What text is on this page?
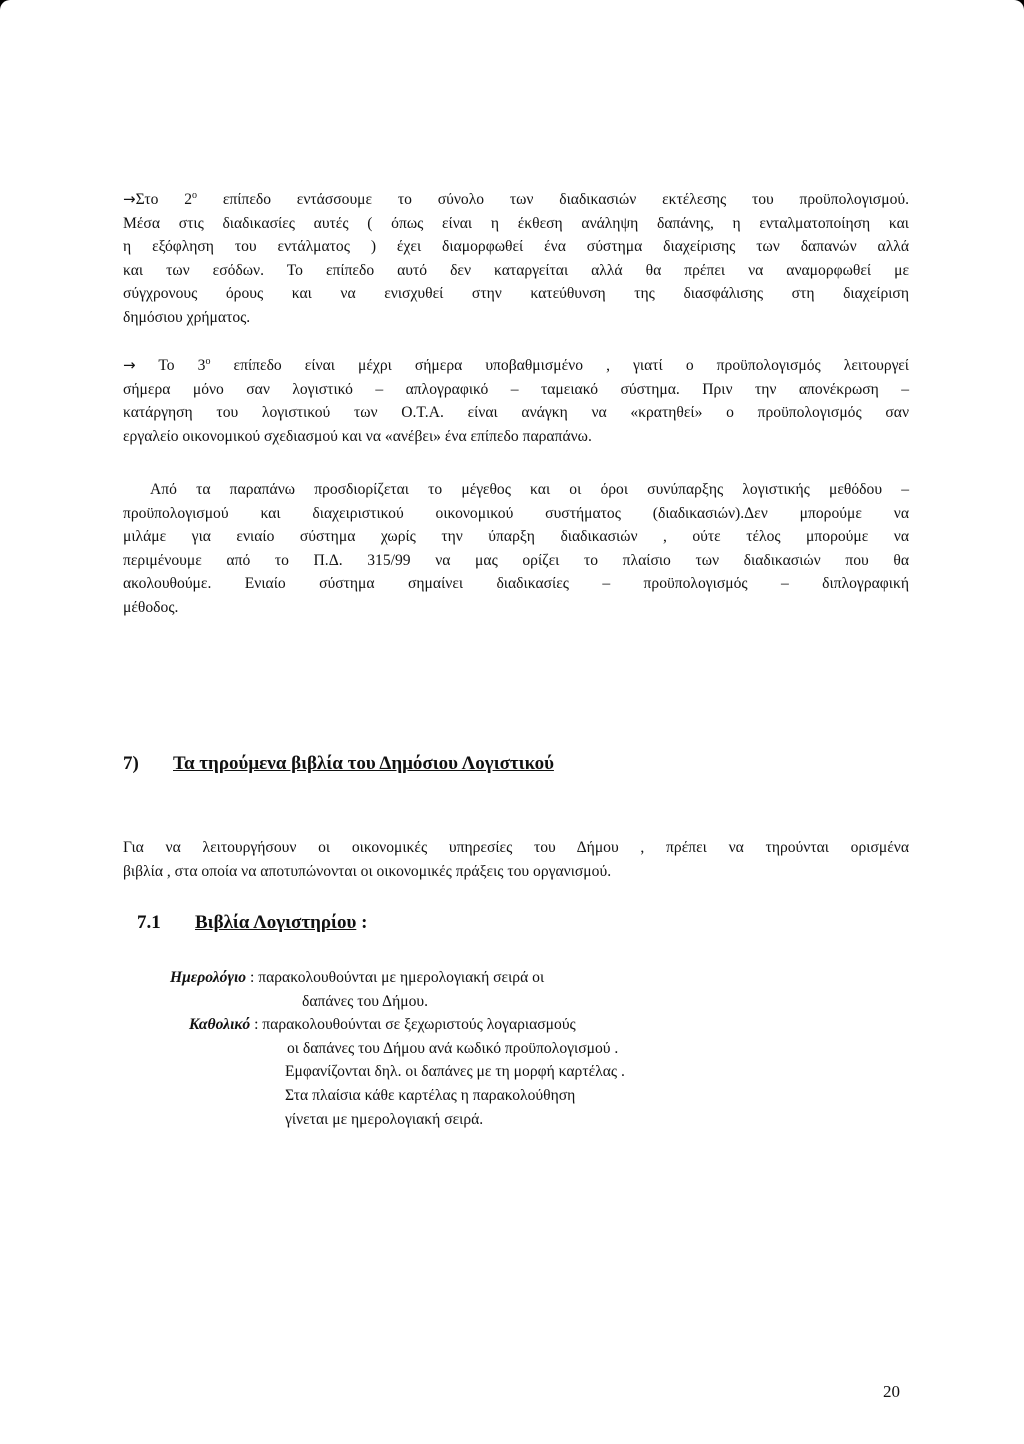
→Στο $2^o$ επίπεδο εντάσσουμε το σύνολο των διαδικασιών εκτέλεσης του προϋπολογισμού.
Μέσα στις διαδικασίες αυτές ( όπως είναι η έκθεση ανάληψη δαπάνης, η ενταλματοποίηση και
η εξόφληση του εντάλματος ) έχει διαμορφωθεί ένα σύστημα διαχείρισης των δαπανών αλλά
και των εσόδων. Το επίπεδο αυτό δεν καταργείται αλλά θα πρέπει να αναμορφωθεί με
σύγχρονους όρους και να ενισχυθεί στην κατεύθυνση της διασφάλισης στη διαχείριση
δημόσιου χρήματος.
→ Το $3^o$ επίπεδο είναι μέχρι σήμερα υποβαθμισμένο , γιατί ο προϋπολογισμός λειτουργεί
σήμερα μόνο σαν λογιστικό – απλογραφικό – ταμειακό σύστημα. Πριν την απονέκρωση –
κατάργηση του λογιστικού των Ο.Τ.Α. είναι ανάγκη να «κρατηθεί» ο προϋπολογισμός σαν
εργαλείο οικονομικού σχεδιασμού και να «ανέβει» ένα επίπεδο παραπάνω.
Από τα παραπάνω προσδιορίζεται το μέγεθος και οι όροι συνύπαρξης λογιστικής μεθόδου –
προϋπολογισμού και διαχειριστικού οικονομικού συστήματος (διαδικασιών).Δεν μπορούμε να
μιλάμε για ενιαίο σύστημα χωρίς την ύπαρξη διαδικασιών , ούτε τέλος μπορούμε να
περιμένουμε από το Π.Δ. 315/99 να μας ορίζει το πλαίσιο των διαδικασιών που θα
ακολουθούμε. Ενιαίο σύστημα σημαίνει διαδικασίες – προϋπολογισμός – διπλογραφική
μέθοδος.
7) Τα τηρούμενα βιβλία του Δημόσιου Λογιστικού
Για να λειτουργήσουν οι οικονομικές υπηρεσίες του Δήμου , πρέπει να τηρούνται ορισμένα
βιβλία , στα οποία να αποτυπώνονται οι οικονομικές πράξεις του οργανισμού.
7.1 Βιβλία Λογιστηρίου :
Ημερολόγιο : παρακολουθούνται με ημερολογιακή σειρά οι
δαπάνες του Δήμου.
Καθολικό : παρακολουθούνται σε ξεχωριστούς λογαριασμούς
οι δαπάνες του Δήμου ανά κωδικό προϋπολογισμού .
Εμφανίζονται δηλ. οι δαπάνες με τη μορφή καρτέλας .
Στα πλαίσια κάθε καρτέλας η παρακολούθηση
γίνεται με ημερολογιακή σειρά.
20
